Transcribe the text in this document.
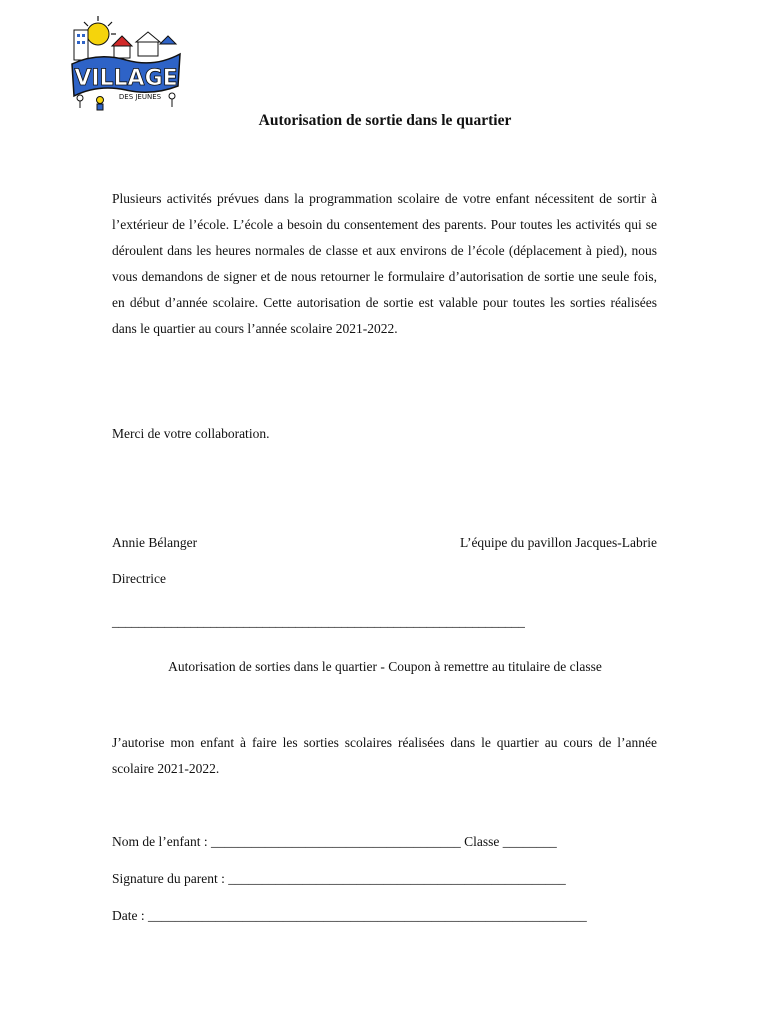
VILLAGE
DES JEUNES
Autorisation de sortie dans le quartier

Plusieurs activités prévues dans la programmation scolaire de votre enfant nécessitent de sortir à l’extérieur de l’école. L’école a besoin du consentement des parents. Pour toutes les activités qui se déroulent dans les heures normales de classe et aux environs de l’école (déplacement à pied), nous vous demandons de signer et de nous retourner le formulaire d’autorisation de sortie une seule fois, en début d’année scolaire. Cette autorisation de sortie est valable pour toutes les sorties réalisées dans le quartier au cours l’année scolaire 2021-2022.

Merci de votre collaboration.

Annie Bélanger	L’équipe du pavillon Jacques-Labrie
Directrice
_______________________________________________________________
Autorisation de sorties dans le quartier - Coupon à remettre au titulaire de classe

J’autorise mon enfant à faire les sorties scolaires réalisées dans le quartier au cours de l’année scolaire 2021-2022.

Nom de l’enfant : _____________________________________ Classe ________
Signature du parent : __________________________________________________
Date : _________________________________________________________________
